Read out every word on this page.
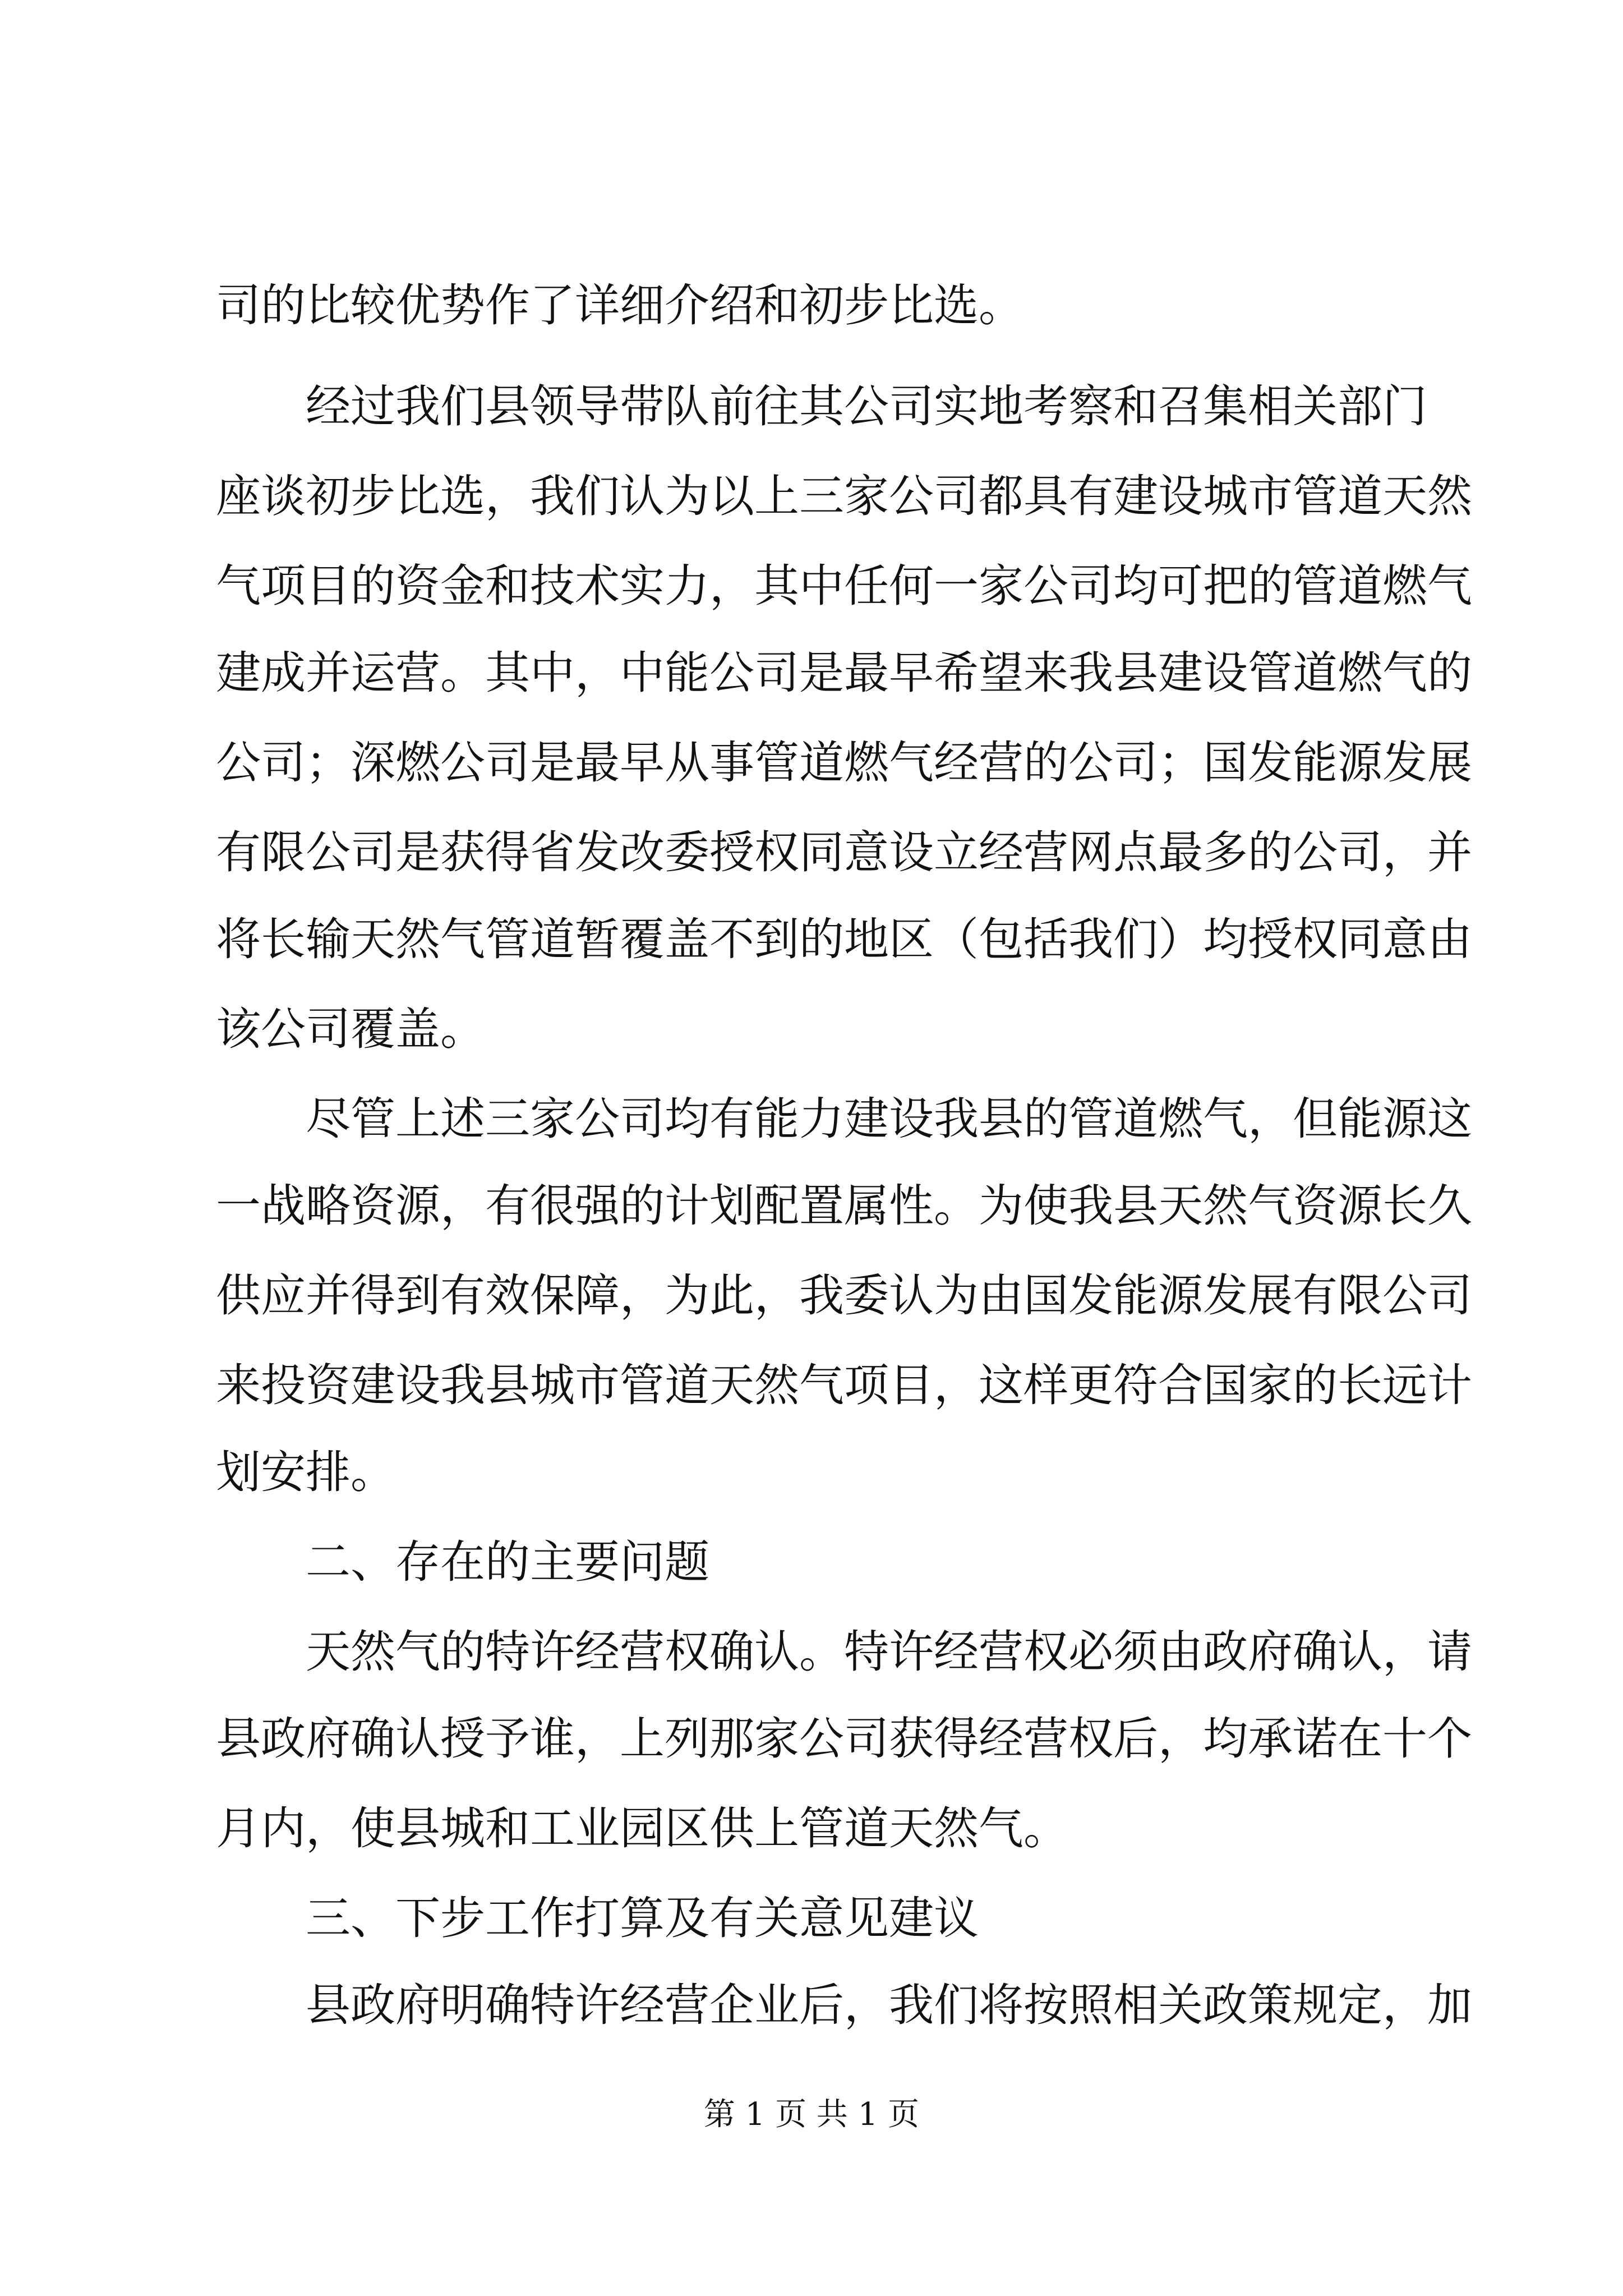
司的比较优势作了详细介绍和初步比选。
经过我们县领导带队前往其公司实地考察和召集相关部门
座谈初步比选，我们认为以上三家公司都具有建设城市管道天然
气项目的资金和技术实力，其中任何一家公司均可把的管道燃气
建成并运营。其中，中能公司是最早希望来我县建设管道燃气的
公司；深燃公司是最早从事管道燃气经营的公司；国发能源发展
有限公司是获得省发改委授权同意设立经营网点最多的公司，并
将长输天然气管道暂覆盖不到的地区（包括我们）均授权同意由
该公司覆盖。
尽管上述三家公司均有能力建设我县的管道燃气，但能源这
一战略资源，有很强的计划配置属性。为使我县天然气资源长久
供应并得到有效保障，为此，我委认为由国发能源发展有限公司
来投资建设我县城市管道天然气项目，这样更符合国家的长远计
划安排。
二、存在的主要问题
天然气的特许经营权确认。特许经营权必须由政府确认，请
县政府确认授予谁，上列那家公司获得经营权后，均承诺在十个
月内，使县城和工业园区供上管道天然气。
三、下步工作打算及有关意见建议
县政府明确特许经营企业后，我们将按照相关政策规定，加
第 1 页 共 1 页
